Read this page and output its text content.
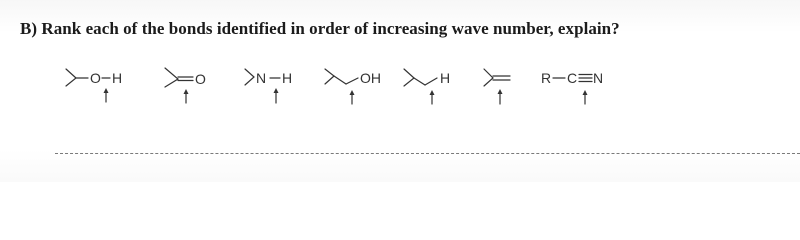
B) Rank each of the bonds identified in order of increasing wave number, explain?
O H	O	N H	OH	H	R C N
